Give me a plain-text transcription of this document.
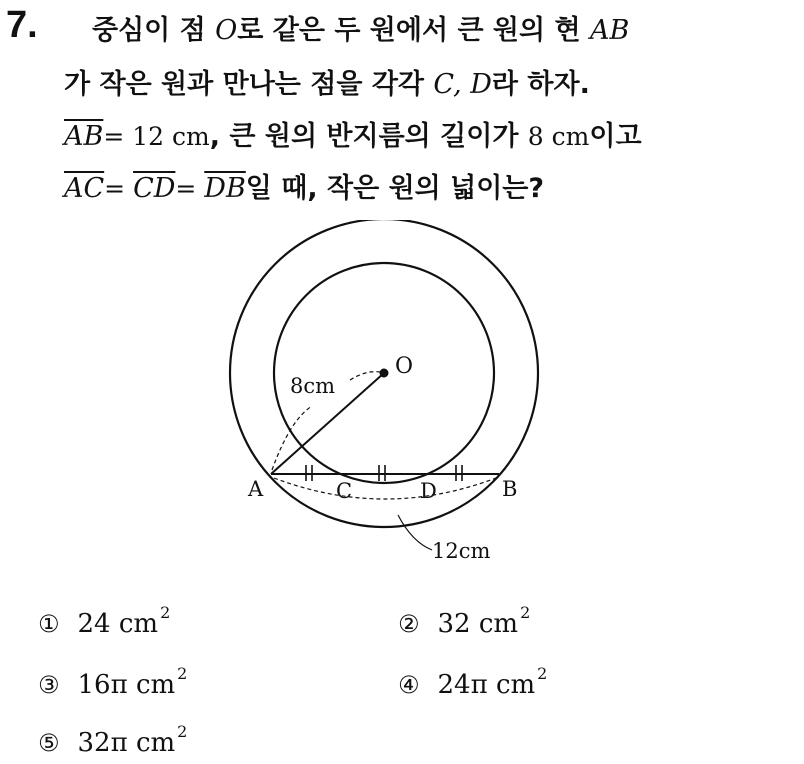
7. 중심이 점 O로 같은 두 원에서 큰 원의 현 AB
가 작은 원과 만나는 점을 각각 C, D라 하자.
$\overline{AB}= 12$ cm, 큰 원의 반지름의 길이가 8 cm이고
$\overline{AC}= \overline{CD}= \overline{DB}$일 때, 작은 원의 넓이는?
O
8cm
A	B
C	D
12cm
① 24 cm $^2$	② 32 cm $^2$
③ 16π cm $^2$	④ 24π cm $^2$
⑤ 32π cm $^2$
